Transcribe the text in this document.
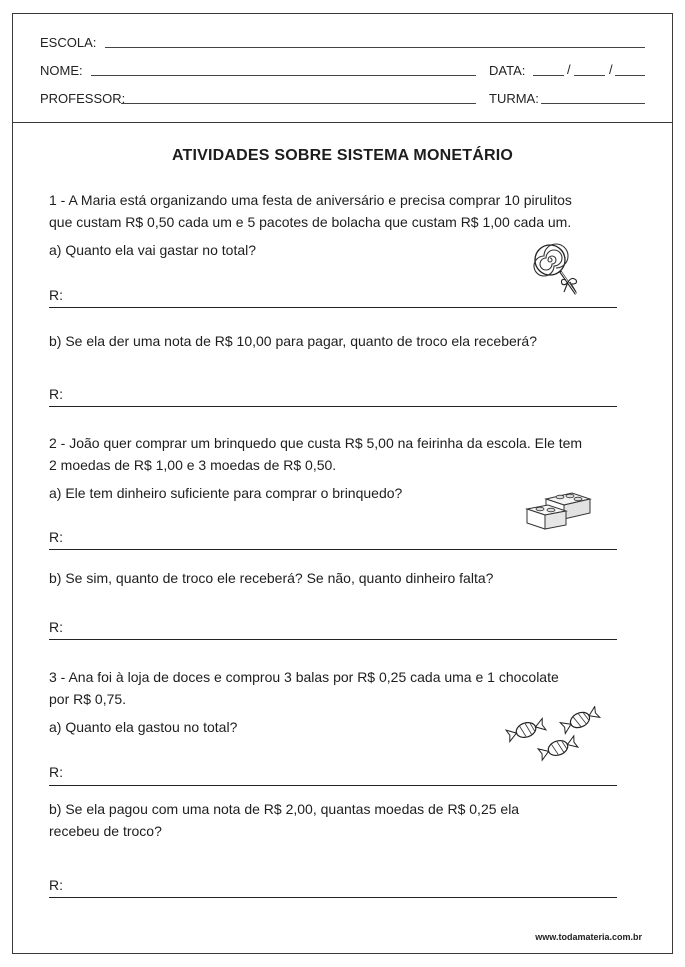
ESCOLA:
NOME:	DATA:	/	/
PROFESSOR:	TURMA:
ATIVIDADES SOBRE SISTEMA MONETÁRIO
1 - A Maria está organizando uma festa de aniversário e precisa comprar 10 pirulitos
que custam R$ 0,50 cada um e 5 pacotes de bolacha que custam R$ 1,00 cada um.
a) Quanto ela vai gastar no total?
R:
b) Se ela der uma nota de R$ 10,00 para pagar, quanto de troco ela receberá?
R:
2 - João quer comprar um brinquedo que custa R$ 5,00 na feirinha da escola. Ele tem
2 moedas de R$ 1,00 e 3 moedas de R$ 0,50.
a) Ele tem dinheiro suficiente para comprar o brinquedo?
R:
b) Se sim, quanto de troco ele receberá? Se não, quanto dinheiro falta?
R:
3 - Ana foi à loja de doces e comprou 3 balas por R$ 0,25 cada uma e 1 chocolate
por R$ 0,75.
a) Quanto ela gastou no total?
R:
b) Se ela pagou com uma nota de R$ 2,00, quantas moedas de R$ 0,25 ela
recebeu de troco?
R:
www.todamateria.com.br
